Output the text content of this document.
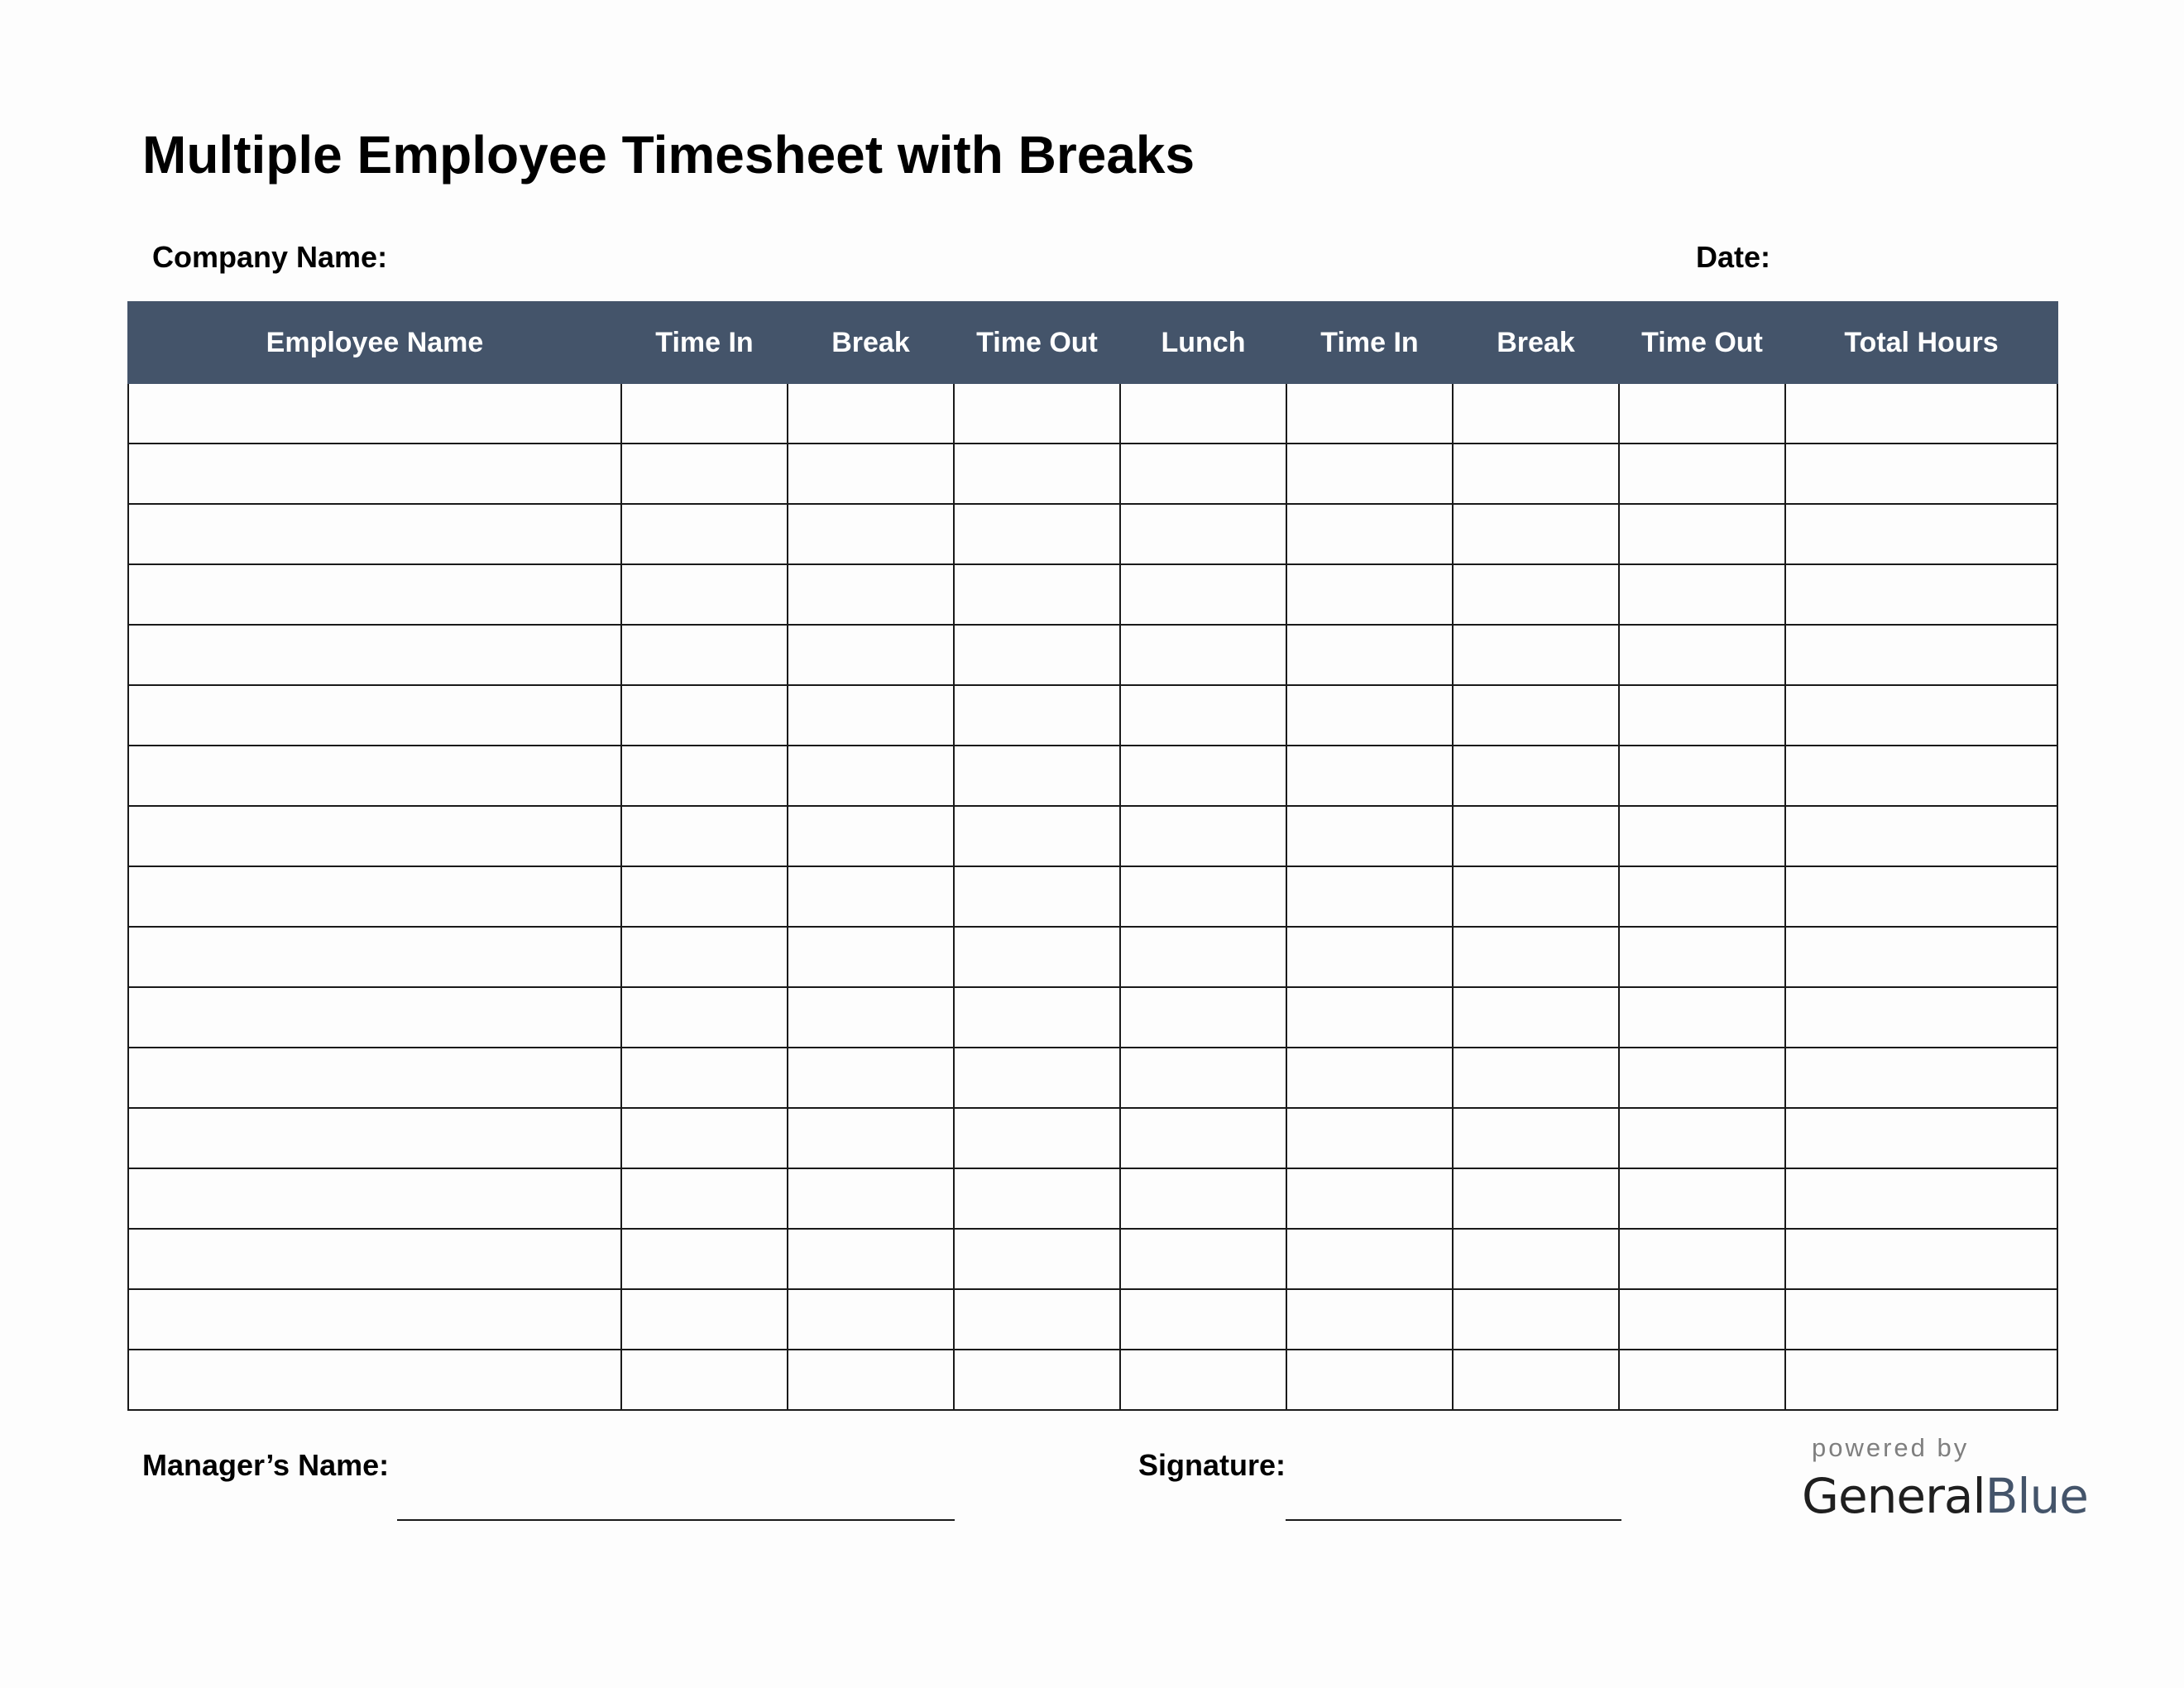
Multiple Employee Timesheet with Breaks
Company Name:	Date:
Employee Name	Time In	Break	Time Out	Lunch	Time In	Break	Time Out	Total Hours

Manager’s Name:	Signature:
powered by
GeneralBlue
